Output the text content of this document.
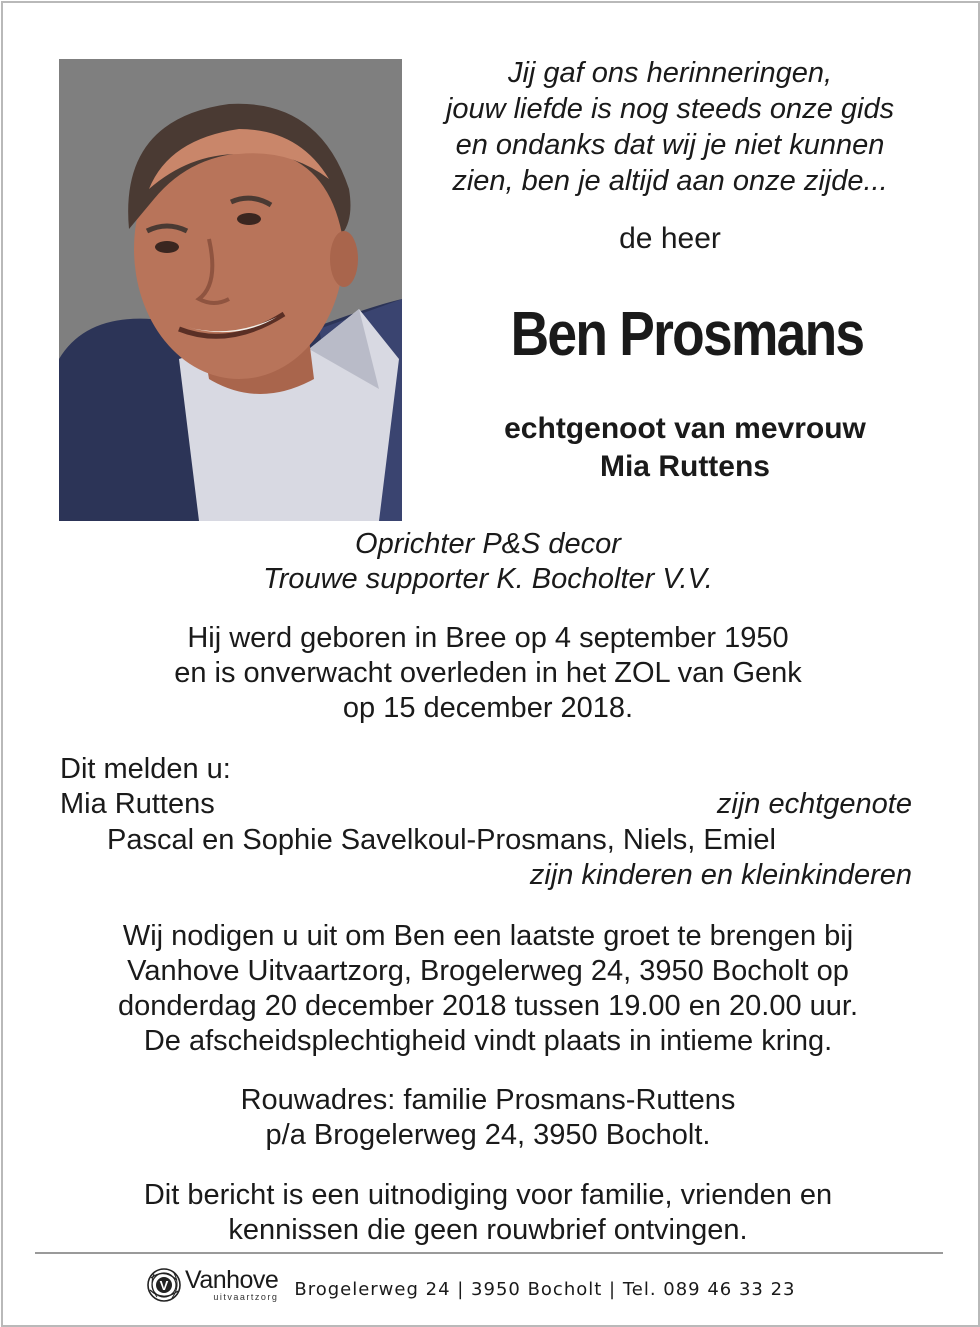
Jij gaf ons herinneringen,
jouw liefde is nog steeds onze gids
en ondanks dat wij je niet kunnen
zien, ben je altijd aan onze zijde...
de heer
Ben Prosmans
echtgenoot van mevrouw
Mia Ruttens
Oprichter P&S decor
Trouwe supporter K. Bocholter V.V.
Hij werd geboren in Bree op 4 september 1950
en is onverwacht overleden in het ZOL van Genk
op 15 december 2018.
Dit melden u:
Mia Ruttens	zijn echtgenote
Pascal en Sophie Savelkoul-Prosmans, Niels, Emiel
zijn kinderen en kleinkinderen
Wij nodigen u uit om Ben een laatste groet te brengen bij
Vanhove Uitvaartzorg, Brogelerweg 24, 3950 Bocholt op
donderdag 20 december 2018 tussen 19.00 en 20.00 uur.
De afscheidsplechtigheid vindt plaats in intieme kring.
Rouwadres: familie Prosmans-Ruttens
p/a Brogelerweg 24, 3950 Bocholt.
Dit bericht is een uitnodiging voor familie, vrienden en
kennissen die geen rouwbrief ontvingen.
V Vanhove
uitvaartzorg Brogelerweg 24 | 3950 Bocholt | Tel. 089 46 33 23
